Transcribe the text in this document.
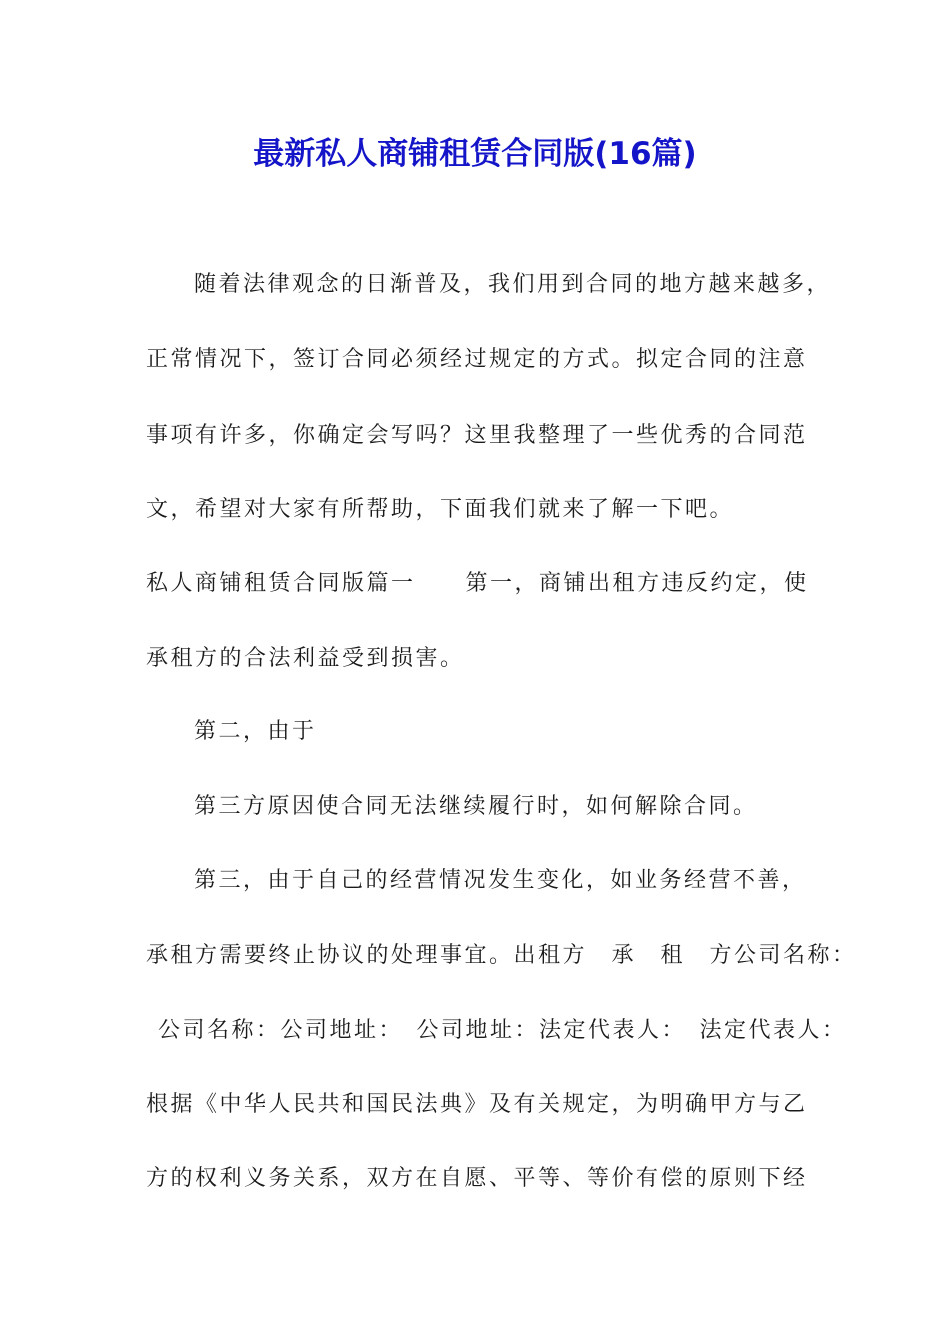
最新私人商铺租赁合同版(16篇)

随着法律观念的日渐普及，我们用到合同的地方越来越多，

正常情况下，签订合同必须经过规定的方式。拟定合同的注意

事项有许多，你确定会写吗？这里我整理了一些优秀的合同范

文，希望对大家有所帮助，下面我们就来了解一下吧。

私人商铺租赁合同版篇一 第一，商铺出租方违反约定，使

承租方的合法利益受到损害。

第二，由于

第三方原因使合同无法继续履行时，如何解除合同。

第三，由于自己的经营情况发生变化，如业务经营不善，

承租方需要终止协议的处理事宜。出租方　承　租　方公司名称：

公司名称：公司地址：　公司地址：法定代表人：　法定代表人：

根据《中华人民共和国民法典》及有关规定，为明确甲方与乙

方的权利义务关系，双方在自愿、平等、等价有偿的原则下经
